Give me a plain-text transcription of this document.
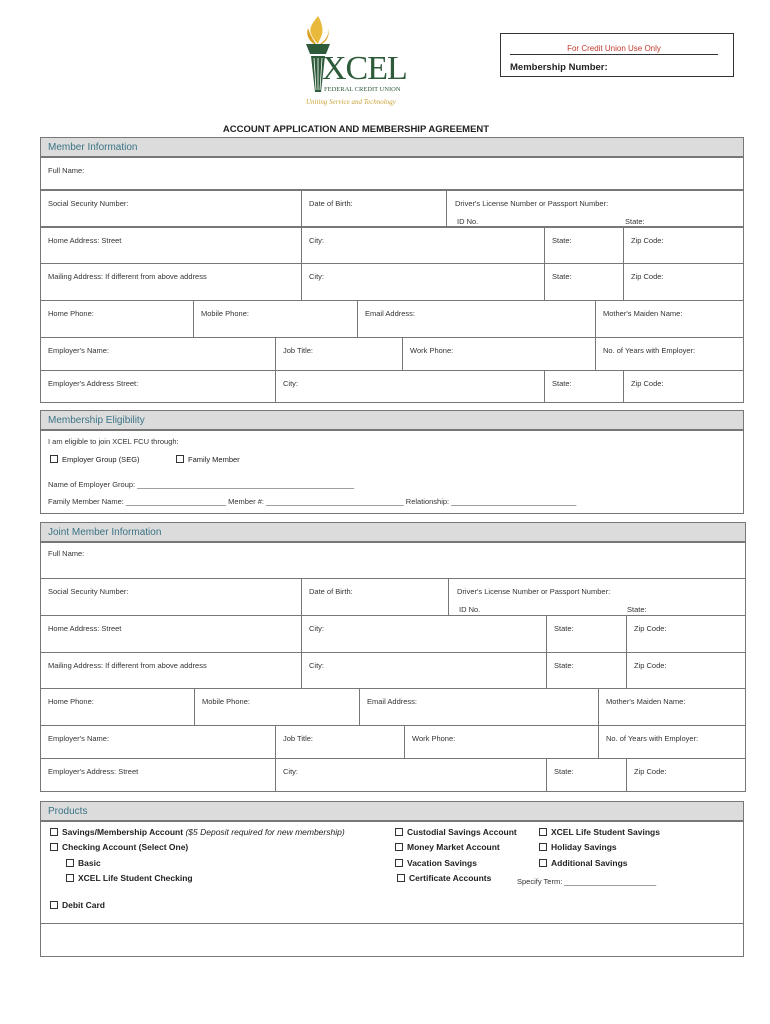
XCEL
FEDERAL CREDIT UNION
Uniting Service and Technology
For Credit Union Use Only
Membership Number:
ACCOUNT APPLICATION AND MEMBERSHIP AGREEMENT
Member Information
Full Name:
Social Security Number:	Date of Birth:	Driver's License Number or Passport Number:
ID No.	State:
Home Address: Street	City:	State:	Zip Code:
Mailing Address: If different from above address	City:	State:	Zip Code:
Home Phone:	Mobile Phone:	Email Address:	Mother's Maiden Name:
Employer's Name:	Job Title:	Work Phone:	No. of Years with Employer:
Employer's Address Street:	City:	State:	Zip Code:
Membership Eligibility
I am eligible to join XCEL FCU through:
Employer Group (SEG)	Family Member
Name of Employer Group: ____________________________________________________
Family Member Name: ________________________ Member #: _________________________________ Relationship: ______________________________
Joint Member Information
Full Name:
Social Security Number:	Date of Birth:	Driver's License Number or Passport Number:
ID No.	State:
Home Address: Street	City:	State:	Zip Code:
Mailing Address: If different from above address	City:	State:	Zip Code:
Home Phone:	Mobile Phone:	Email Address:	Mother's Maiden Name:
Employer's Name:	Job Title:	Work Phone:	No. of Years with Employer:
Employer's Address: Street	City:	State:	Zip Code:
Products
Savings/Membership Account ($5 Deposit required for new membership)
Checking Account (Select One)
Basic
XCEL Life Student Checking
Debit Card
Custodial Savings Account
Money Market Account
Vacation Savings
Certificate Accounts
XCEL Life Student Savings
Holiday Savings
Additional Savings
Specify Term: ______________________
